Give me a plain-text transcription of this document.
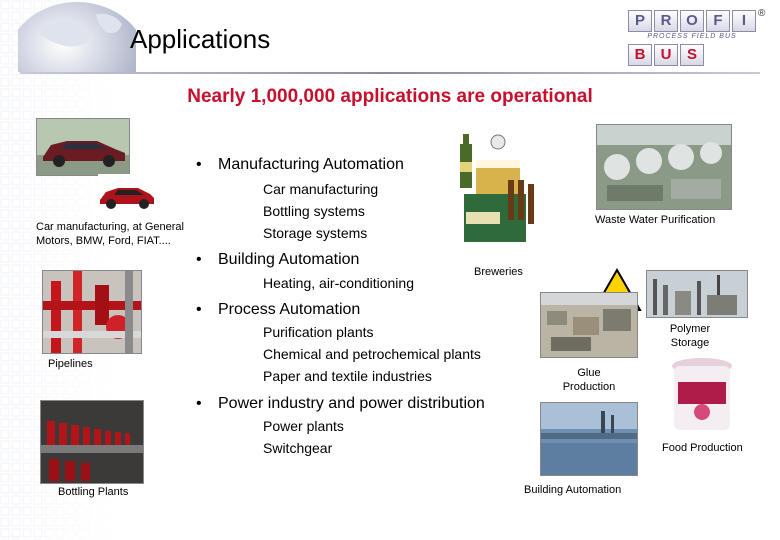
Applications
P	R O	F	I
PROCESS FIELD BUS
B	U	S
®
Nearly 1,000,000 applications are operational
• Manufacturing Automation
Car manufacturing
Bottling systems
Storage systems
• Building Automation
Heating, air-conditioning
• Process Automation
Purification plants
Chemical and petrochemical plants
Paper and textile industries
• Power industry and power distribution
Power plants
Switchgear
Car manufacturing, at General Motors, BMW, Ford, FIAT....
Pipelines
Bottling Plants
Breweries
Waste Water Purification
Polymer Storage
Glue Production
Food Production
Building Automation
